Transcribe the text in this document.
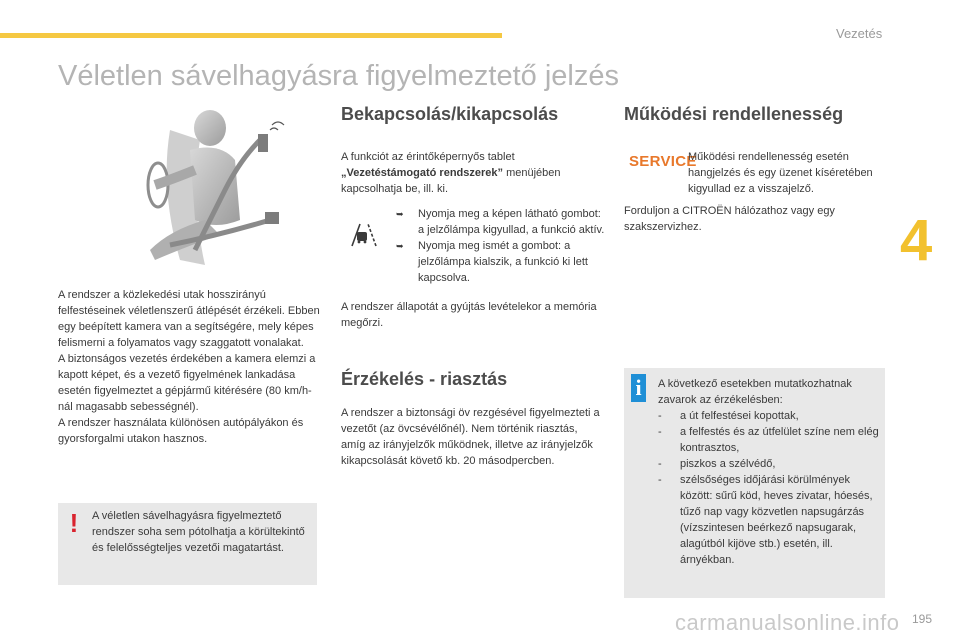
Vezetés
4
Véletlen sávelhagyásra figyelmeztető jelzés
A rendszer a közlekedési utak hosszirányú felfestéseinek véletlenszerű átlépését érzékeli. Ebben egy beépített kamera van a segítségére, mely képes felismerni a folyamatos vagy szaggatott vonalakat.
A biztonságos vezetés érdekében a kamera elemzi a kapott képet, és a vezető figyelmének lankadása esetén figyelmeztet a gépjármű kitérésére (80 km/h-nál magasabb sebességnél).
A rendszer használata különösen autópályákon és gyorsforgalmi utakon hasznos.
! A véletlen sávelhagyásra figyelmeztető rendszer soha sem pótolhatja a körültekintő és felelősségteljes vezetői magatartást.
Bekapcsolás/kikapcsolás
A funkciót az érintőképernyős tablet „Vezetéstámogató rendszerek” menüjében kapcsolhatja be, ill. ki.
➥ Nyomja meg a képen látható gombot: a jelzőlámpa kigyullad, a funkció aktív.
➥ Nyomja meg ismét a gombot: a jelzőlámpa kialszik, a funkció ki lett kapcsolva.
A rendszer állapotát a gyújtás levételekor a memória megőrzi.
Érzékelés - riasztás
A rendszer a biztonsági öv rezgésével figyelmezteti a vezetőt (az övcsévélőnél). Nem történik riasztás, amíg az irányjelzők működnek, illetve az irányjelzők kikapcsolását követő kb. 20 másodpercben.
Működési rendellenesség
SERVICE
Működési rendellenesség esetén hangjelzés és egy üzenet kíséretében kigyullad ez a visszajelző.
Forduljon a CITROËN hálózathoz vagy egy szakszervizhez.
i	A következő esetekben mutatkozhatnak zavarok az érzékelésben:
- a út felfestései kopottak,
- a felfestés és az útfelület színe nem elég kontrasztos,
- piszkos a szélvédő,
- szélsőséges időjárási körülmények között: sűrű köd, heves zivatar, hóesés, tűző nap vagy közvetlen napsugárzás (vízszintesen beérkező napsugarak, alagútból kijöve stb.) esetén, ill. árnyékban.
carmanualsonline.info 195
